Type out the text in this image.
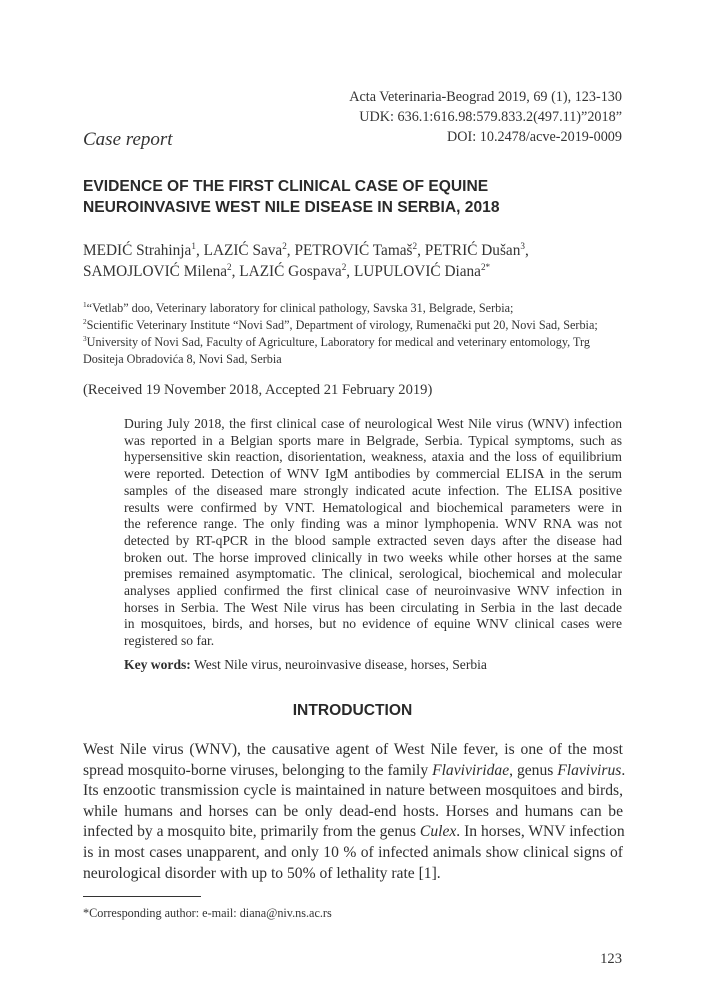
Acta Veterinaria-Beograd 2019, 69 (1), 123-130
UDK: 636.1:616.98:579.833.2(497.11)”2018”
DOI: 10.2478/acve-2019-0009
Case report
EVIDENCE OF THE FIRST CLINICAL CASE OF EQUINE
NEUROINVASIVE WEST NILE DISEASE IN SERBIA, 2018
MEDIĆ Strahinja$^1$, LAZIĆ Sava$^2$, PETROVIĆ Tamaš$^2$, PETRIĆ Dušan$^3$,
SAMOJLOVIĆ Milena$^2$, LAZIĆ Gospava$^2$, LUPULOVIĆ Diana$^{2*}$
$^1$“Vetlab” doo, Veterinary laboratory for clinical pathology, Savska 31, Belgrade, Serbia;
$^2$Scientific Veterinary Institute “Novi Sad”, Department of virology, Rumenački put 20, Novi Sad, Serbia;
$^3$University of Novi Sad, Faculty of Agriculture, Laboratory for medical and veterinary entomology, Trg
Dositeja Obradovića 8, Novi Sad, Serbia
(Received 19 November 2018, Accepted 21 February 2019)
During July 2018, the first clinical case of neurological West Nile virus (WNV) infection
was reported in a Belgian sports mare in Belgrade, Serbia. Typical symptoms, such as
hypersensitive skin reaction, disorientation, weakness, ataxia and the loss of equilibrium
were reported. Detection of WNV IgM antibodies by commercial ELISA in the serum
samples of the diseased mare strongly indicated acute infection. The ELISA positive
results were confirmed by VNT. Hematological and biochemical parameters were in
the reference range. The only finding was a minor lymphopenia. WNV RNA was not
detected by RT-qPCR in the blood sample extracted seven days after the disease had
broken out. The horse improved clinically in two weeks while other horses at the same
premises remained asymptomatic. The clinical, serological, biochemical and molecular
analyses applied confirmed the first clinical case of neuroinvasive WNV infection in
horses in Serbia. The West Nile virus has been circulating in Serbia in the last decade
in mosquitoes, birds, and horses, but no evidence of equine WNV clinical cases were
registered so far.
Key words: West Nile virus, neuroinvasive disease, horses, Serbia
INTRODUCTION
West Nile virus (WNV), the causative agent of West Nile fever, is one of the most
spread mosquito-borne viruses, belonging to the family Flaviviridae, genus Flavivirus.
Its enzootic transmission cycle is maintained in nature between mosquitoes and birds,
while humans and horses can be only dead-end hosts. Horses and humans can be
infected by a mosquito bite, primarily from the genus Culex. In horses, WNV infection
is in most cases unapparent, and only 10 % of infected animals show clinical signs of
neurological disorder with up to 50% of lethality rate [1].
*Corresponding author: e-mail: diana@niv.ns.ac.rs
123
